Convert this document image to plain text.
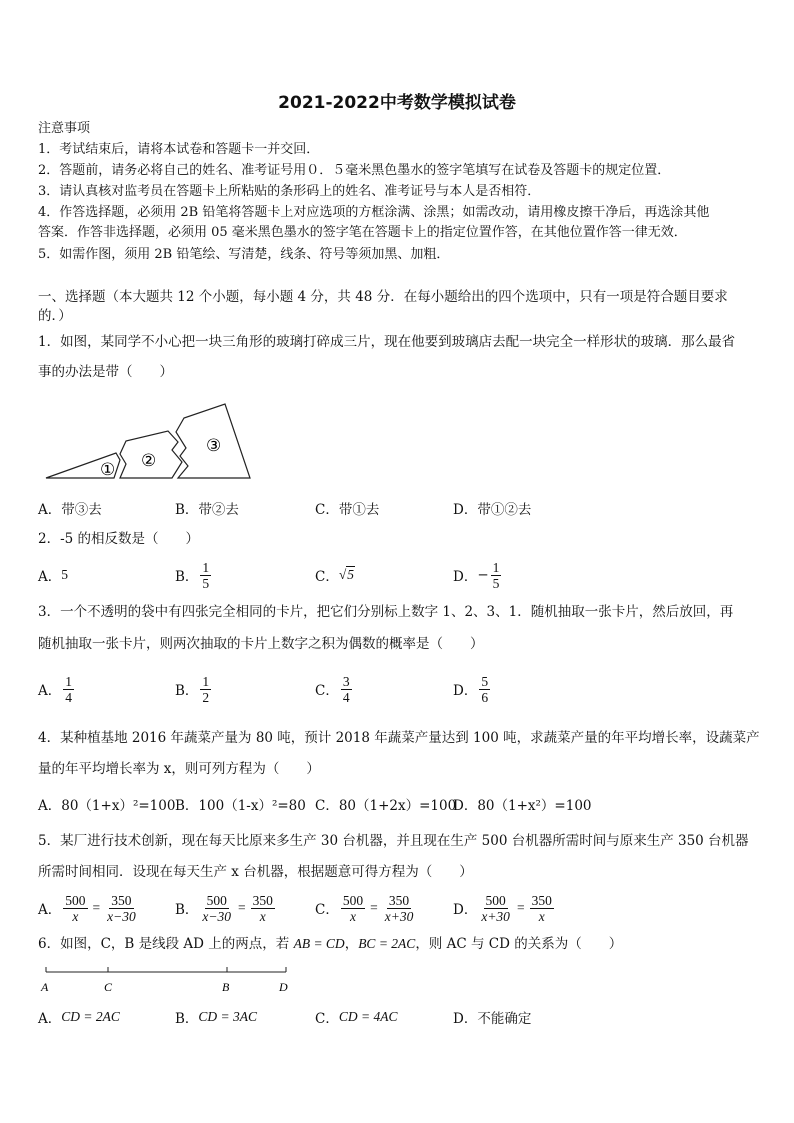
2021-2022中考数学模拟试卷
注意事项
1．考试结束后，请将本试卷和答题卡一并交回．
2．答题前，请务必将自己的姓名、准考证号用０．５毫米黑色墨水的签字笔填写在试卷及答题卡的规定位置．
3．请认真核对监考员在答题卡上所粘贴的条形码上的姓名、准考证号与本人是否相符．
4．作答选择题，必须用 2B 铅笔将答题卡上对应选项的方框涂满、涂黑；如需改动，请用橡皮擦干净后，再选涂其他
答案．作答非选择题，必须用 05 毫米黑色墨水的签字笔在答题卡上的指定位置作答，在其他位置作答一律无效．
5．如需作图，须用 2B 铅笔绘、写清楚，线条、符号等须加黑、加粗．
一、选择题（本大题共 12 个小题，每小题 4 分，共 48 分．在每小题给出的四个选项中，只有一项是符合题目要求
的．）
1．如图，某同学不小心把一块三角形的玻璃打碎成三片，现在他要到玻璃店去配一块完全一样形状的玻璃．那么最省
事的办法是带（　　）
① ②
③
A．带③去	B．带②去	C．带①去	D．带①②去
2．-5 的相反数是（　　）
A． 5	B． $\frac{1}{5}$	C． √5	D． − $\frac{1}{5}$
3．一个不透明的袋中有四张完全相同的卡片，把它们分别标上数字 1、2、3、1．随机抽取一张卡片，然后放回，再
随机抽取一张卡片，则两次抽取的卡片上数字之积为偶数的概率是（　　）
A． $\frac{1}{4}$	B． $\frac{1}{2}$	C． $\frac{3}{4}$	D． $\frac{5}{6}$
4．某种植基地 2016 年蔬菜产量为 80 吨，预计 2018 年蔬菜产量达到 100 吨，求蔬菜产量的年平均增长率，设蔬菜产
量的年平均增长率为 x，则可列方程为（　　）
A．80（1+x）²=100 B．100（1-x）²=80 C．80（1+2x）=100
D．80（1+x²）=100
5．某厂进行技术创新，现在每天比原来多生产 30 台机器，并且现在生产 500 台机器所需时间与原来生产 350 台机器
所需时间相同．设现在每天生产 x 台机器，根据题意可得方程为（　　）
A． $\frac{500}{x} = \frac{350}{x-30}$	B． $\frac{500}{x-30} = \frac{350}{x}$	C． $\frac{500}{x} = \frac{350}{x+30}$	D． $\frac{500}{x+30} = \frac{350}{x}$
6．如图，C，B 是线段 AD 上的两点，若 AB = CD，BC = 2AC，则 AC 与 CD 的关系为（　　）
A	C	B	D
A． CD = 2AC	B． CD = 3AC	C． CD = 4AC	D． 不能确定
